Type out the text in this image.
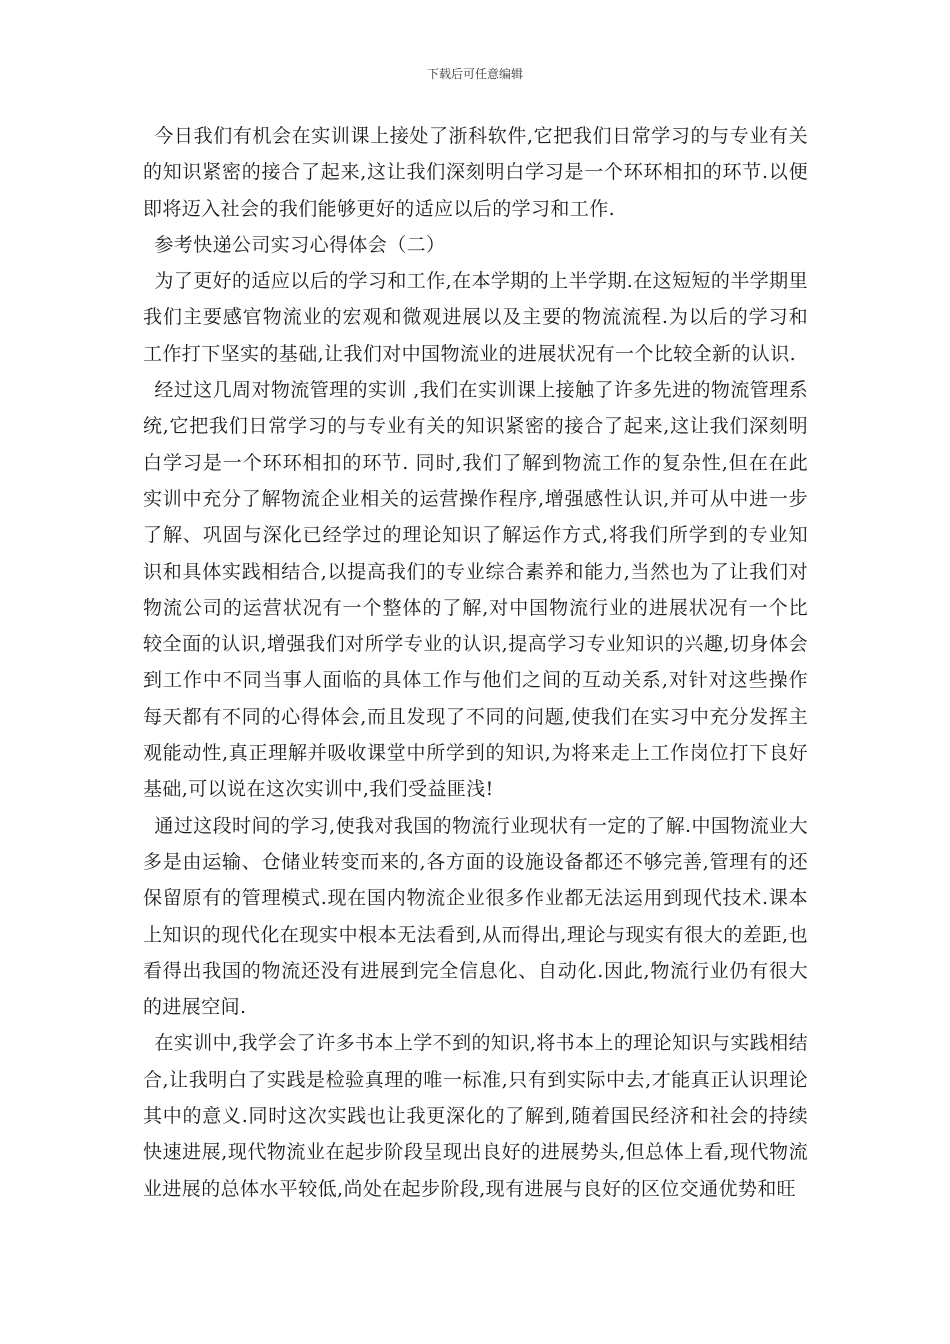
下载后可任意编辑

今日我们有机会在实训课上接处了浙科软件,它把我们日常学习的与专业有关的知识紧密的接合了起来,这让我们深刻明白学习是一个环环相扣的环节.以便即将迈入社会的我们能够更好的适应以后的学习和工作.

参考快递公司实习心得体会（二）

为了更好的适应以后的学习和工作,在本学期的上半学期.在这短短的半学期里我们主要感官物流业的宏观和微观进展以及主要的物流流程.为以后的学习和工作打下坚实的基础,让我们对中国物流业的进展状况有一个比较全新的认识.

经过这几周对物流管理的实训 ,我们在实训课上接触了许多先进的物流管理系统,它把我们日常学习的与专业有关的知识紧密的接合了起来,这让我们深刻明白学习是一个环环相扣的环节. 同时,我们了解到物流工作的复杂性,但在在此实训中充分了解物流企业相关的运营操作程序,增强感性认识,并可从中进一步了解、巩固与深化已经学过的理论知识了解运作方式,将我们所学到的专业知识和具体实践相结合,以提高我们的专业综合素养和能力,当然也为了让我们对物流公司的运营状况有一个整体的了解,对中国物流行业的进展状况有一个比较全面的认识,增强我们对所学专业的认识,提高学习专业知识的兴趣,切身体会到工作中不同当事人面临的具体工作与他们之间的互动关系,对针对这些操作每天都有不同的心得体会,而且发现了不同的问题,使我们在实习中充分发挥主观能动性,真正理解并吸收课堂中所学到的知识,为将来走上工作岗位打下良好基础,可以说在这次实训中,我们受益匪浅!

通过这段时间的学习,使我对我国的物流行业现状有一定的了解.中国物流业大多是由运输、仓储业转变而来的,各方面的设施设备都还不够完善,管理有的还保留原有的管理模式.现在国内物流企业很多作业都无法运用到现代技术.课本上知识的现代化在现实中根本无法看到,从而得出,理论与现实有很大的差距,也看得出我国的物流还没有进展到完全信息化、自动化.因此,物流行业仍有很大的进展空间.

在实训中,我学会了许多书本上学不到的知识,将书本上的理论知识与实践相结合,让我明白了实践是检验真理的唯一标准,只有到实际中去,才能真正认识理论其中的意义.同时这次实践也让我更深化的了解到,随着国民经济和社会的持续快速进展,现代物流业在起步阶段呈现出良好的进展势头,但总体上看,现代物流业进展的总体水平较低,尚处在起步阶段,现有进展与良好的区位交通优势和旺
